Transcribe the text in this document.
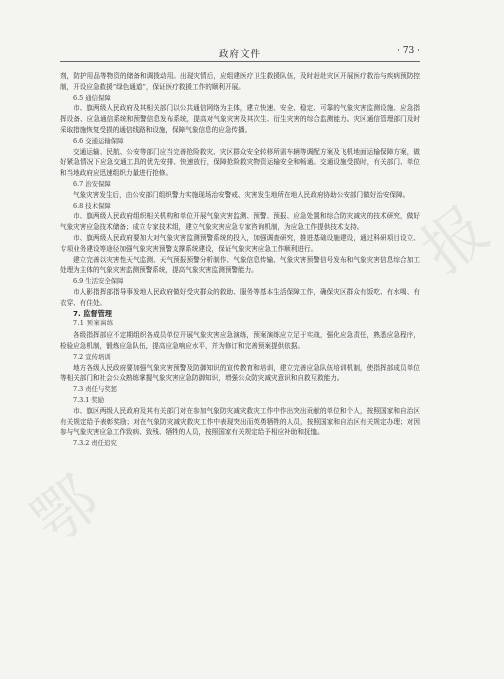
鄂
报
政府文件	· 73 ·

剂，防护用品等物资的储备和调拨动用。出现灾情后，应组建医疗卫生救援队伍，及时赶赴灾区开展医疗救治与疾病预防控制，开设应急救援“绿色通道”，保证医疗救援工作的顺利开展。

6.5 通信保障

市、旗两级人民政府及其相关部门以公共通信网络为主体，建立快速、安全、稳定、可靠的气象灾害监测设施、应急指挥设备、应急通信系统和预警信息发布系统，提高对气象灾害及其次生、衍生灾害的综合监测能力。灾区通信管理部门及时采取措施恢复受损的通信线路和设施，保障气象信息的应急传播。

6.6 交通运输保障

交通运输、民航、公安等部门应当完善抢险救灾、灾区群众安全转移所需车辆等调配方案及飞机地面运输保障方案，做好紧急情况下应急交通工具的优先安排、快速放行，保障抢险救灾物资运输安全和畅通。交通设施受损时，有关部门、单位和当地政府应迅速组织力量进行抢修。

6.7 治安保障

气象灾害发生后，由公安部门组织警力实施现场治安警戒、灾害发生地所在地人民政府协助公安部门做好治安保障。

6.8 技术保障

市、旗两级人民政府组织相关机构和单位开展气象灾害监测、预警、预报、应急处置和综合防灾减灾的技术研究，做好气象灾害应急技术储备；成立专家技术组，建立气象灾害应急专家咨询机制，为应急工作提供技术支持。

市、旗两级人民政府要加大对气象灾害监测预警系统的投入，加强调查研究，推进基础设施建设，通过科研项目设立、专项业务建设等途径加强气象灾害预警支撑系统建设，保证气象灾害应急工作顺利进行。

建立完善以灾害性天气监测、天气预报预警分析制作、气象信息传输、气象灾害预警信号发布和气象灾害信息综合加工处理为主体的气象灾害监测预警系统，提高气象灾害监测预警能力。

6.9 生活安全保障

市人影指挥部指导事发地人民政府做好受灾群众的救助、服务等基本生活保障工作，确保灾区群众有饭吃、有水喝、有衣穿、有住处。

7. 监督管理
7.1 预案演练

各级指挥部应不定期组织各成员单位开展气象灾害应急演练，预案演练应立足于实战，强化应急责任，熟悉应急程序，检验应急机制，锻炼应急队伍，提高应急响应水平，并为修订和完善预案提供依据。

7.2 宣传培训

地方各级人民政府要加强气象灾害预警及防御知识的宣传教育和培训，建立完善应急队伍培训机制，使指挥部成员单位等相关部门和社会公众熟练掌握气象灾害应急防御知识，增强公众防灾减灾意识和自救互救能力。

7.3 责任与奖惩
7.3.1 奖励

市、旗区两级人民政府及其有关部门对在参加气象防灾减灾救灾工作中作出突出贡献的单位和个人，按照国家和自治区有关规定给予表彰奖励；对在气象防灾减灾救灾工作中表现突出而英勇牺牲的人员，按照国家和自治区有关规定办理；对因参与气象灾害应急工作致病、致残、牺牲的人员，按照国家有关规定给予相应补助和抚恤。

7.3.2 责任追究
